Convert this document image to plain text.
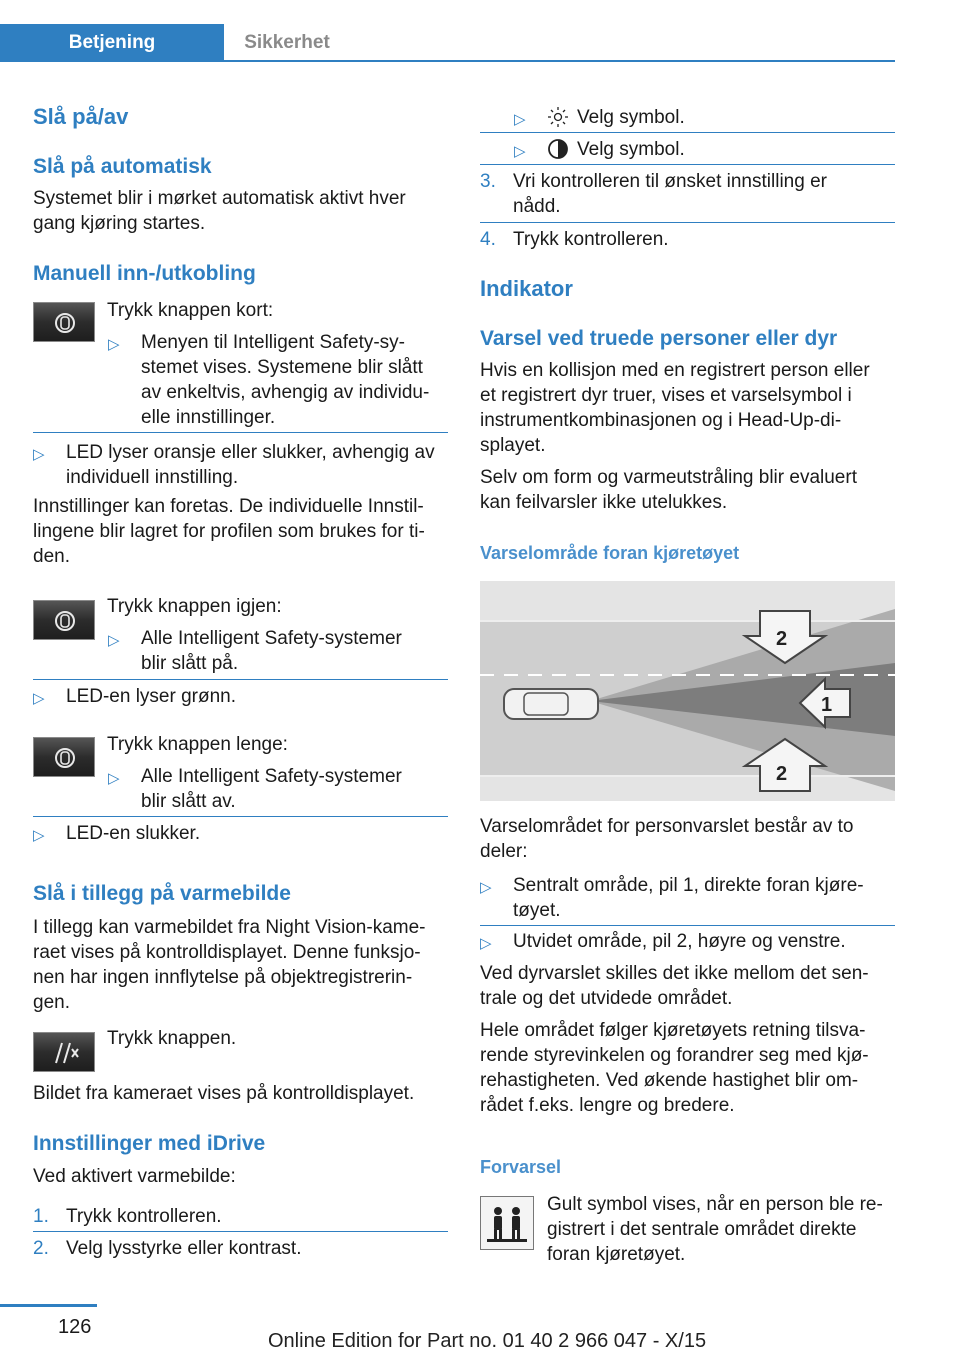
Betjening	Sikkerhet
Slå på/av
Slå på automatisk
Systemet blir i mørket automatisk aktivt hver
gang kjøring startes.
Manuell inn-/utkobling
Trykk knappen kort:
▷ Menyen til Intelligent Safety-sy-
stemet vises. Systemene blir slått
av enkeltvis, avhengig av individu-
elle innstillinger.
▷ LED lyser oransje eller slukker, avhengig av
individuell innstilling.
Innstillinger kan foretas. De individuelle Innstil-
lingene blir lagret for profilen som brukes for ti-
den.
Trykk knappen igjen:
▷ Alle Intelligent Safety-systemer
blir slått på.
▷ LED-en lyser grønn.
Trykk knappen lenge:
▷ Alle Intelligent Safety-systemer
blir slått av.
▷ LED-en slukker.
Slå i tillegg på varmebilde
I tillegg kan varmebildet fra Night Vision-kame-
raet vises på kontrolldisplayet. Denne funksjo-
nen har ingen innflytelse på objektregistrerin-
gen.
Trykk knappen.
Bildet fra kameraet vises på kontrolldisplayet.
Innstillinger med iDrive
Ved aktivert varmebilde:
1. Trykk kontrolleren.
2. Velg lysstyrke eller kontrast.
▷	Velg symbol.
▷	Velg symbol.
3. Vri kontrolleren til ønsket innstilling er
nådd.
4. Trykk kontrolleren.
Indikator
Varsel ved truede personer eller dyr
Hvis en kollisjon med en registrert person eller
et registrert dyr truer, vises et varselsymbol i
instrumentkombinasjonen og i Head-Up-di-
splayet.
Selv om form og varmeutstråling blir evaluert
kan feilvarsler ikke utelukkes.
Varselområde foran kjøretøyet
2
1
2
Varselområdet for personvarslet består av to
deler:
▷ Sentralt område, pil 1, direkte foran kjøre-
tøyet.
▷ Utvidet område, pil 2, høyre og venstre.
Ved dyrvarslet skilles det ikke mellom det sen-
trale og det utvidede området.
Hele området følger kjøretøyets retning tilsva-
rende styrevinkelen og forandrer seg med kjø-
rehastigheten. Ved økende hastighet blir om-
rådet f.eks. lengre og bredere.
Forvarsel
Gult symbol vises, når en person ble re-
gistrert i det sentrale området direkte
foran kjøretøyet.
126
Online Edition for Part no. 01 40 2 966 047 - X/15
